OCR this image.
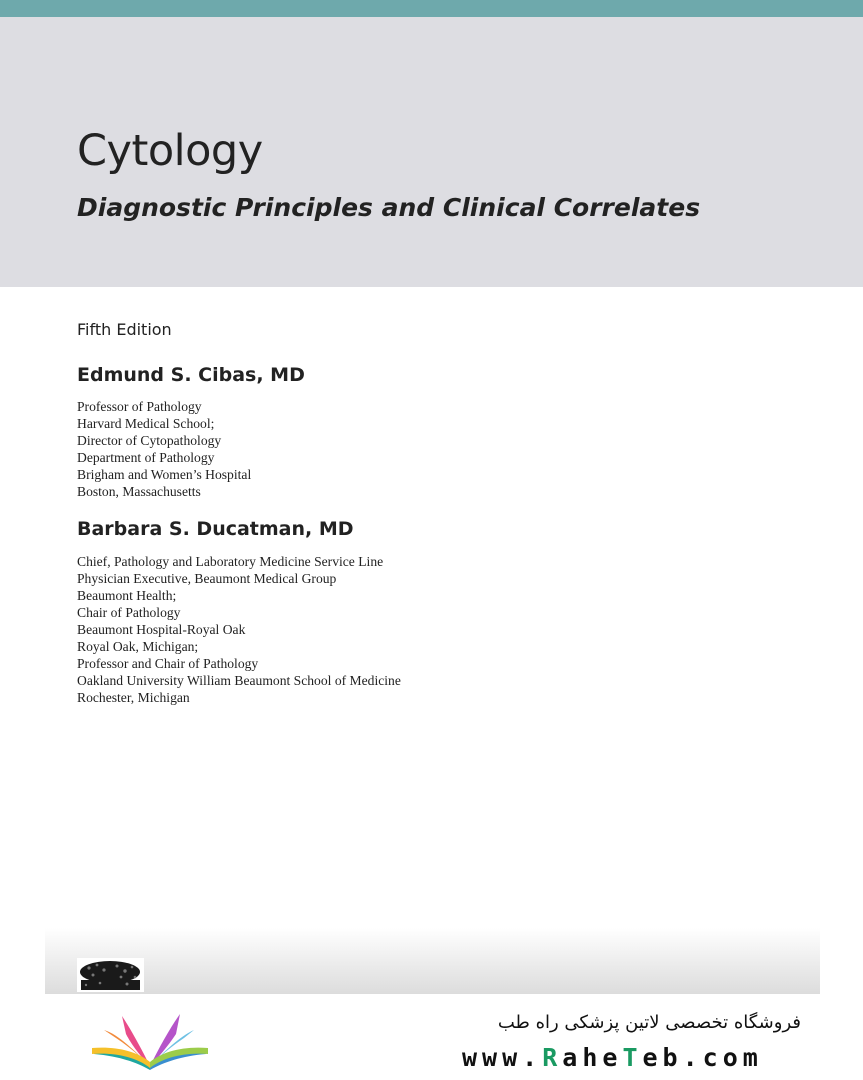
Cytology
Diagnostic Principles and Clinical Correlates
Fifth Edition
Edmund S. Cibas, MD
Professor of Pathology
Harvard Medical School;
Director of Cytopathology
Department of Pathology
Brigham and Women’s Hospital
Boston, Massachusetts
Barbara S. Ducatman, MD
Chief, Pathology and Laboratory Medicine Service Line
Physician Executive, Beaumont Medical Group
Beaumont Health;
Chair of Pathology
Beaumont Hospital-Royal Oak
Royal Oak, Michigan;
Professor and Chair of Pathology
Oakland University William Beaumont School of Medicine
Rochester, Michigan
فروشگاه تخصصی لاتین پزشکی راه طب
www.RaheTeb.com
